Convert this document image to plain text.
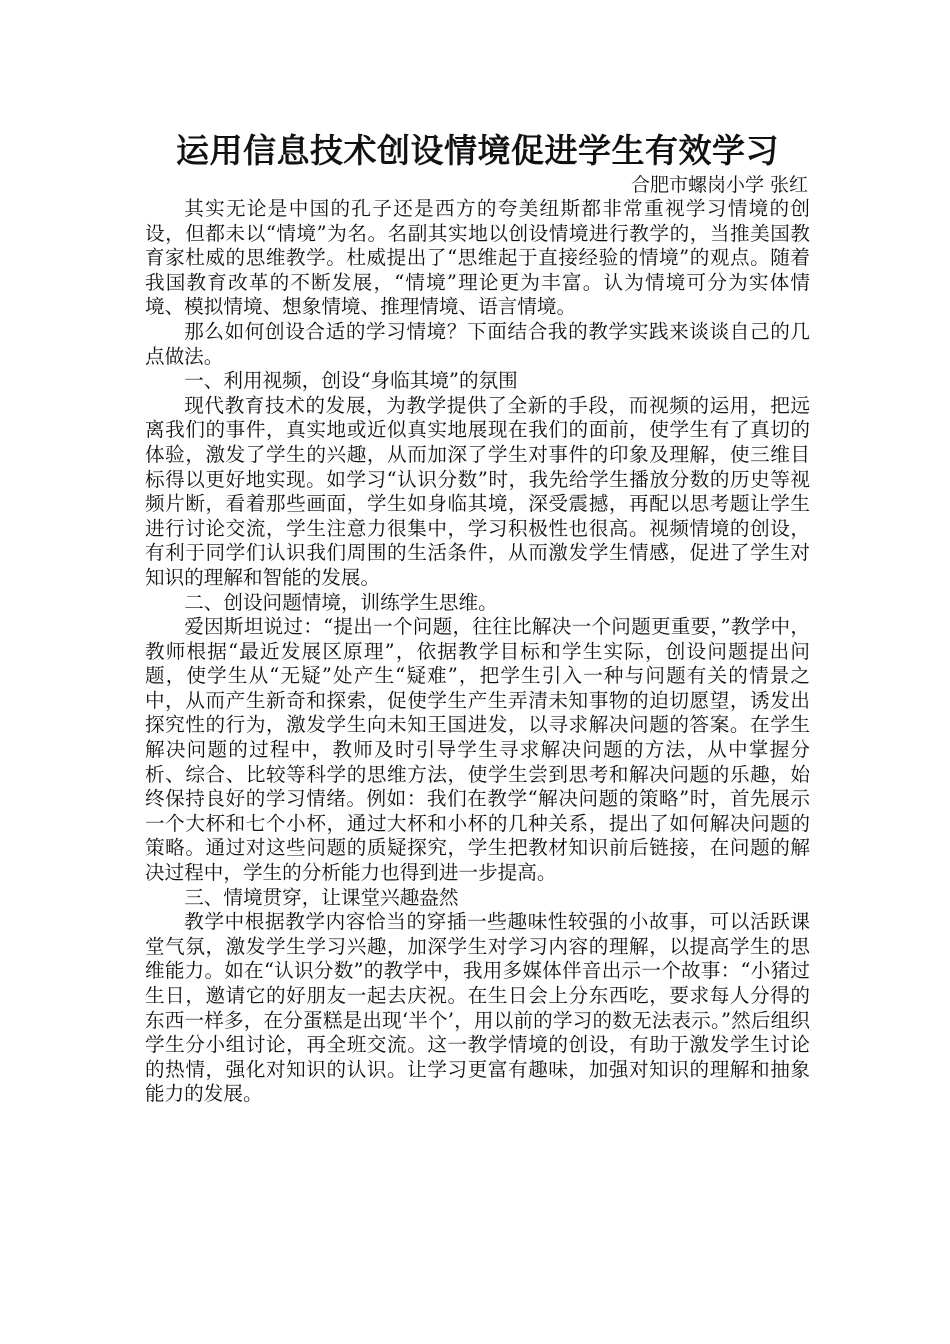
运用信息技术创设情境促进学生有效学习

合肥市螺岗小学 张红

其实无论是中国的孔子还是西方的夸美纽斯都非常重视学习情境的创设，但都未以“情境”为名。名副其实地以创设情境进行教学的，当推美国教育家杜威的思维教学。杜威提出了“思维起于直接经验的情境”的观点。随着我国教育改革的不断发展，“情境”理论更为丰富。认为情境可分为实体情境、模拟情境、想象情境、推理情境、语言情境。

那么如何创设合适的学习情境？下面结合我的教学实践来谈谈自己的几点做法。

一、利用视频，创设“身临其境”的氛围

现代教育技术的发展，为教学提供了全新的手段，而视频的运用，把远离我们的事件，真实地或近似真实地展现在我们的面前，使学生有了真切的体验，激发了学生的兴趣，从而加深了学生对事件的印象及理解，使三维目标得以更好地实现。如学习“认识分数”时，我先给学生播放分数的历史等视频片断，看着那些画面，学生如身临其境，深受震撼，再配以思考题让学生进行讨论交流，学生注意力很集中，学习积极性也很高。视频情境的创设，有利于同学们认识我们周围的生活条件，从而激发学生情感，促进了学生对知识的理解和智能的发展。

二、创设问题情境，训练学生思维。

爱因斯坦说过：“提出一个问题，往往比解决一个问题更重要，”教学中，教师根据“最近发展区原理”，依据教学目标和学生实际，创设问题提出问题，使学生从“无疑”处产生“疑难”，把学生引入一种与问题有关的情景之中，从而产生新奇和探索，促使学生产生弄清未知事物的迫切愿望，诱发出探究性的行为，激发学生向未知王国进发，以寻求解决问题的答案。在学生解决问题的过程中，教师及时引导学生寻求解决问题的方法，从中掌握分析、综合、比较等科学的思维方法，使学生尝到思考和解决问题的乐趣，始终保持良好的学习情绪。例如：我们在教学“解决问题的策略”时，首先展示一个大杯和七个小杯，通过大杯和小杯的几种关系，提出了如何解决问题的策略。通过对这些问题的质疑探究，学生把教材知识前后链接，在问题的解决过程中，学生的分析能力也得到进一步提高。

三、情境贯穿，让课堂兴趣盎然

教学中根据教学内容恰当的穿插一些趣味性较强的小故事，可以活跃课堂气氛，激发学生学习兴趣，加深学生对学习内容的理解，以提高学生的思维能力。如在“认识分数”的教学中，我用多媒体伴音出示一个故事：“小猪过生日，邀请它的好朋友一起去庆祝。在生日会上分东西吃，要求每人分得的东西一样多，在分蛋糕是出现‘半个’，用以前的学习的数无法表示。”然后组织学生分小组讨论，再全班交流。这一教学情境的创设，有助于激发学生讨论的热情，强化对知识的认识。让学习更富有趣味，加强对知识的理解和抽象能力的发展。
